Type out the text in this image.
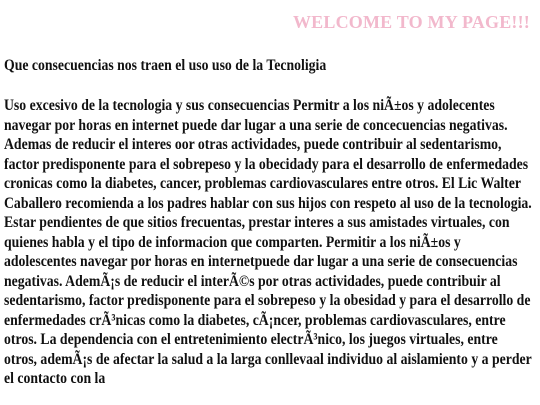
WELCOME TO MY PAGE!!!
Que consecuencias nos traen el uso uso de la Tecnoligia

Uso excesivo de la tecnologia y sus consecuencias Permitr a los niÃ±os y adolecentes navegar por horas en internet puede dar lugar a una serie de concecuencias negativas. Ademas de reducir el interes oor otras actividades, puede contribuir al sedentarismo, factor predisponente para el sobrepeso y la obecidady para el desarrollo de enfermedades cronicas como la diabetes, cancer, problemas cardiovasculares entre otros. El Lic Walter Caballero recomienda a los padres hablar con sus hijos con respeto al uso de la tecnologia. Estar pendientes de que sitios frecuentas, prestar interes a sus amistades virtuales, con quienes habla y el tipo de informacion que comparten. Permitir a los niÃ±os y adolescentes navegar por horas en internetpuede dar lugar a una serie de consecuencias negativas. AdemÃ¡s de reducir el interÃ©s por otras actividades, puede contribuir al sedentarismo, factor predisponente para el sobrepeso y la obesidad y para el desarrollo de enfermedades crÃ³nicas como la diabetes, cÃ¡ncer, problemas cardiovasculares, entre otros. La dependencia con el entretenimiento electrÃ³nico, los juegos virtuales, entre otros, ademÃ¡s de afectar la salud a la larga conllevaal individuo al aislamiento y a perder el contacto con la
